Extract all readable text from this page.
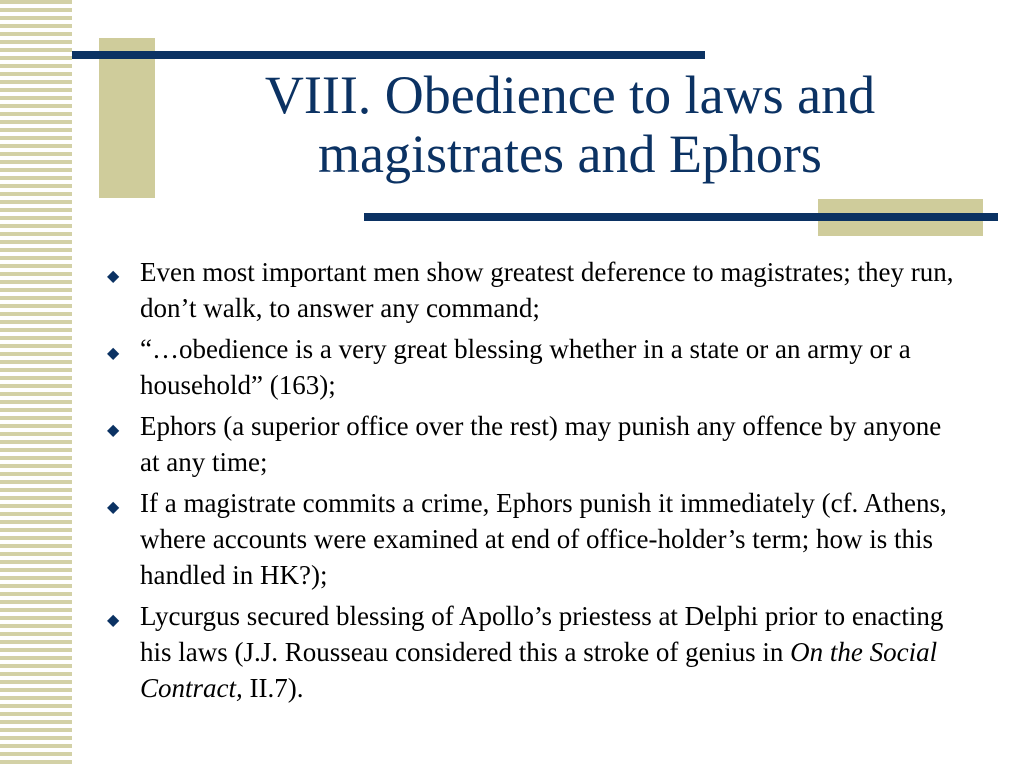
VIII. Obedience to laws and
magistrates and Ephors
◆ Even most important men show greatest deference to magistrates; they run, don’t walk, to answer any command;
◆ “…obedience is a very great blessing whether in a state or an army or a household” (163);
◆ Ephors (a superior office over the rest) may punish any offence by anyone at any time;
◆ If a magistrate commits a crime, Ephors punish it immediately (cf. Athens, where accounts were examined at end of office-holder’s term; how is this handled in HK?);
◆ Lycurgus secured blessing of Apollo’s priestess at Delphi prior to enacting his laws (J.J. Rousseau considered this a stroke of genius in On the Social Contract, II.7).
